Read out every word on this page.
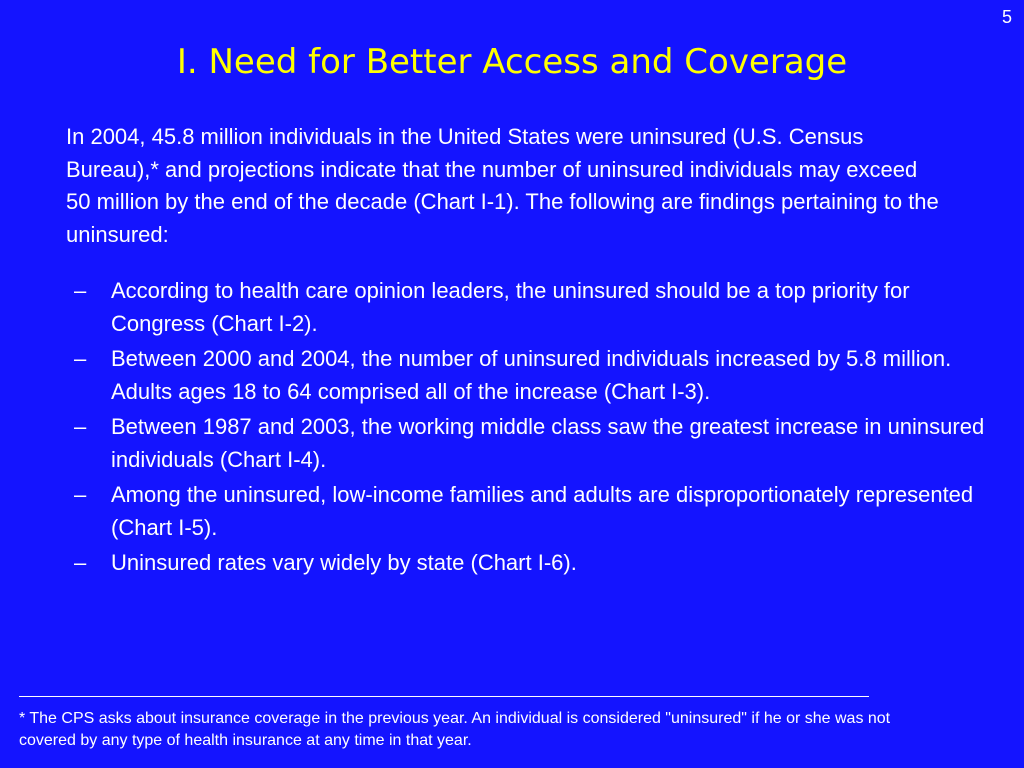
5
I. Need for Better Access and Coverage

In 2004, 45.8 million individuals in the United States were uninsured (U.S. Census Bureau),* and projections indicate that the number of uninsured individuals may exceed 50 million by the end of the decade (Chart I-1). The following are findings pertaining to the uninsured:

– According to health care opinion leaders, the uninsured should be a top priority for Congress (Chart I-2).
– Between 2000 and 2004, the number of uninsured individuals increased by 5.8 million. Adults ages 18 to 64 comprised all of the increase (Chart I-3).
– Between 1987 and 2003, the working middle class saw the greatest increase in uninsured individuals (Chart I-4).
– Among the uninsured, low-income families and adults are disproportionately represented (Chart I-5).
– Uninsured rates vary widely by state (Chart I-6).

* The CPS asks about insurance coverage in the previous year. An individual is considered "uninsured" if he or she was not covered by any type of health insurance at any time in that year.
